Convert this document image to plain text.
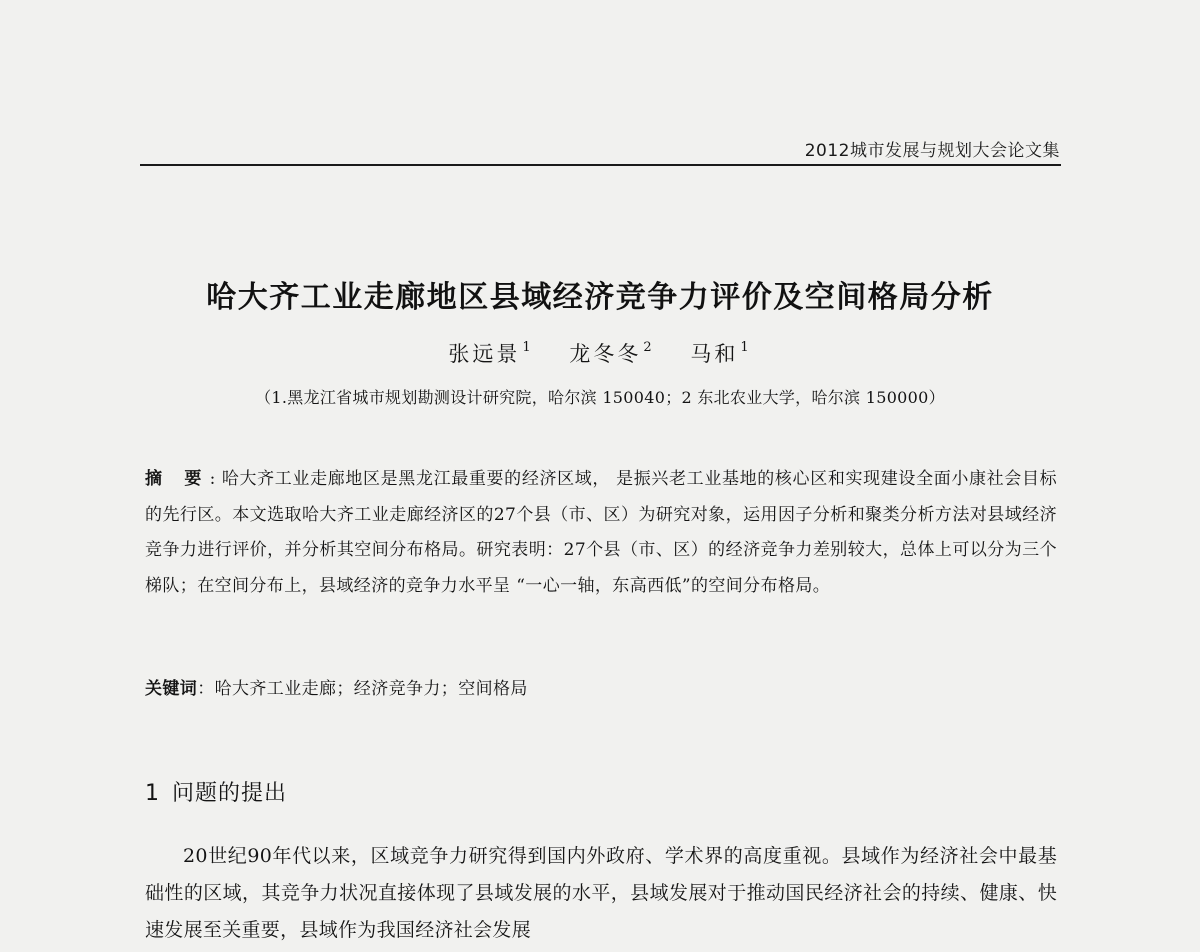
2012城市发展与规划大会论文集
哈大齐工业走廊地区县域经济竞争力评价及空间格局分析
张远景 $^1$ 龙冬冬 $^2$ 马和 $^1$
（1.黑龙江省城市规划勘测设计研究院，哈尔滨 150040；2 东北农业大学，哈尔滨 150000）

摘 要: 哈大齐工业走廊地区是黑龙江最重要的经济区域， 是振兴老工业基地的核心区和实现建设全面小康社会目标的先行区。本文选取哈大齐工业走廊经济区的27个县（市、区）为研究对象，运用因子分析和聚类分析方法对县域经济竞争力进行评价，并分析其空间分布格局。研究表明：27个县（市、区）的经济竞争力差别较大，总体上可以分为三个梯队；在空间分布上，县域经济的竞争力水平呈 “一心一轴，东高西低”的空间分布格局。

关键词：哈大齐工业走廊；经济竞争力；空间格局
1 问题的提出

20世纪90年代以来，区域竞争力研究得到国内外政府、学术界的高度重视。县域作为经济社会中最基础性的区域，其竞争力状况直接体现了县域发展的水平，县域发展对于推动国民经济社会的持续、健康、快速发展至关重要，县域作为我国经济社会发展
